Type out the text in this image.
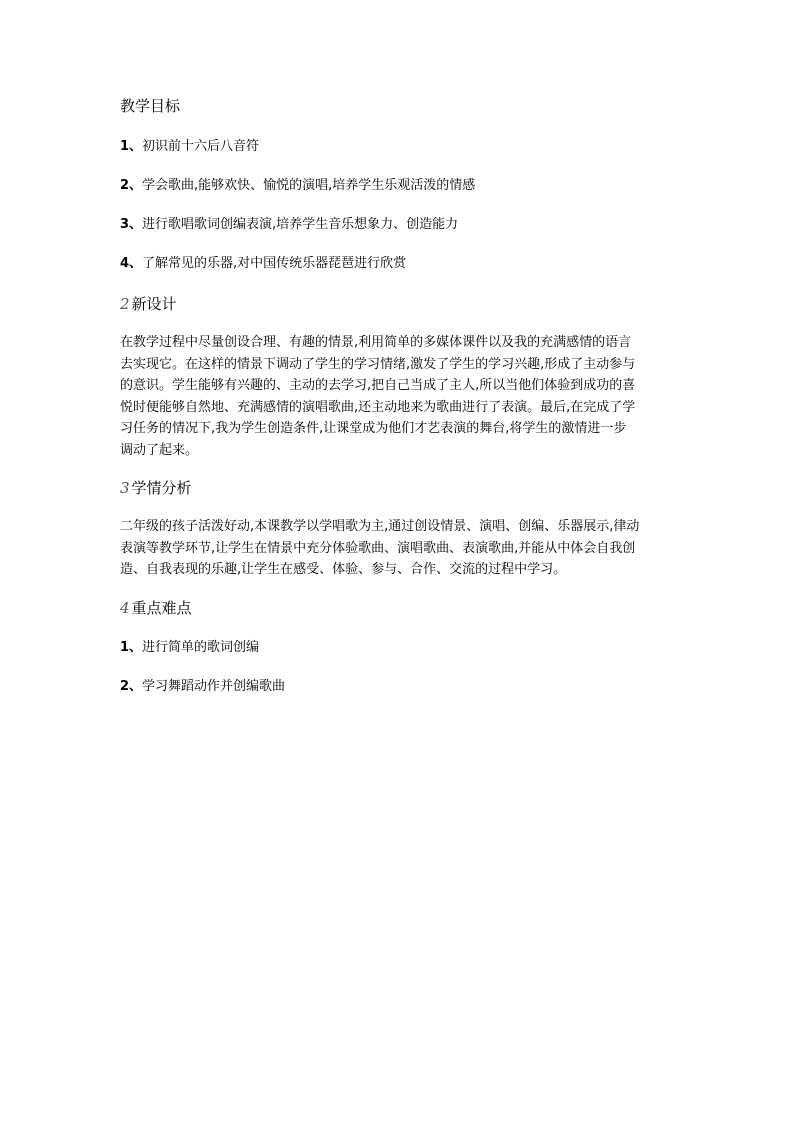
教学目标
1、初识前十六后八音符
2、学会歌曲,能够欢快、愉悦的演唱,培养学生乐观活泼的情感
3、进行歌唱歌词创编表演,培养学生音乐想象力、创造能力
4、了解常见的乐器,对中国传统乐器琵琶进行欣赏
2 新设计
在教学过程中尽量创设合理、有趣的情景,利用简单的多媒体课件以及我的充满感情的语言
去实现它。在这样的情景下调动了学生的学习情绪,激发了学生的学习兴趣,形成了主动参与
的意识。学生能够有兴趣的、主动的去学习,把自己当成了主人,所以当他们体验到成功的喜
悦时便能够自然地、充满感情的演唱歌曲,还主动地来为歌曲进行了表演。最后,在完成了学
习任务的情况下,我为学生创造条件,让课堂成为他们才艺表演的舞台,将学生的激情进一步
调动了起来。
3 学情分析
二年级的孩子活泼好动,本课教学以学唱歌为主,通过创设情景、演唱、创编、乐器展示,律动
表演等教学环节,让学生在情景中充分体验歌曲、演唱歌曲、表演歌曲,并能从中体会自我创
造、自我表现的乐趣,让学生在感受、体验、参与、合作、交流的过程中学习。
4 重点难点
1、进行简单的歌词创编
2、学习舞蹈动作并创编歌曲
